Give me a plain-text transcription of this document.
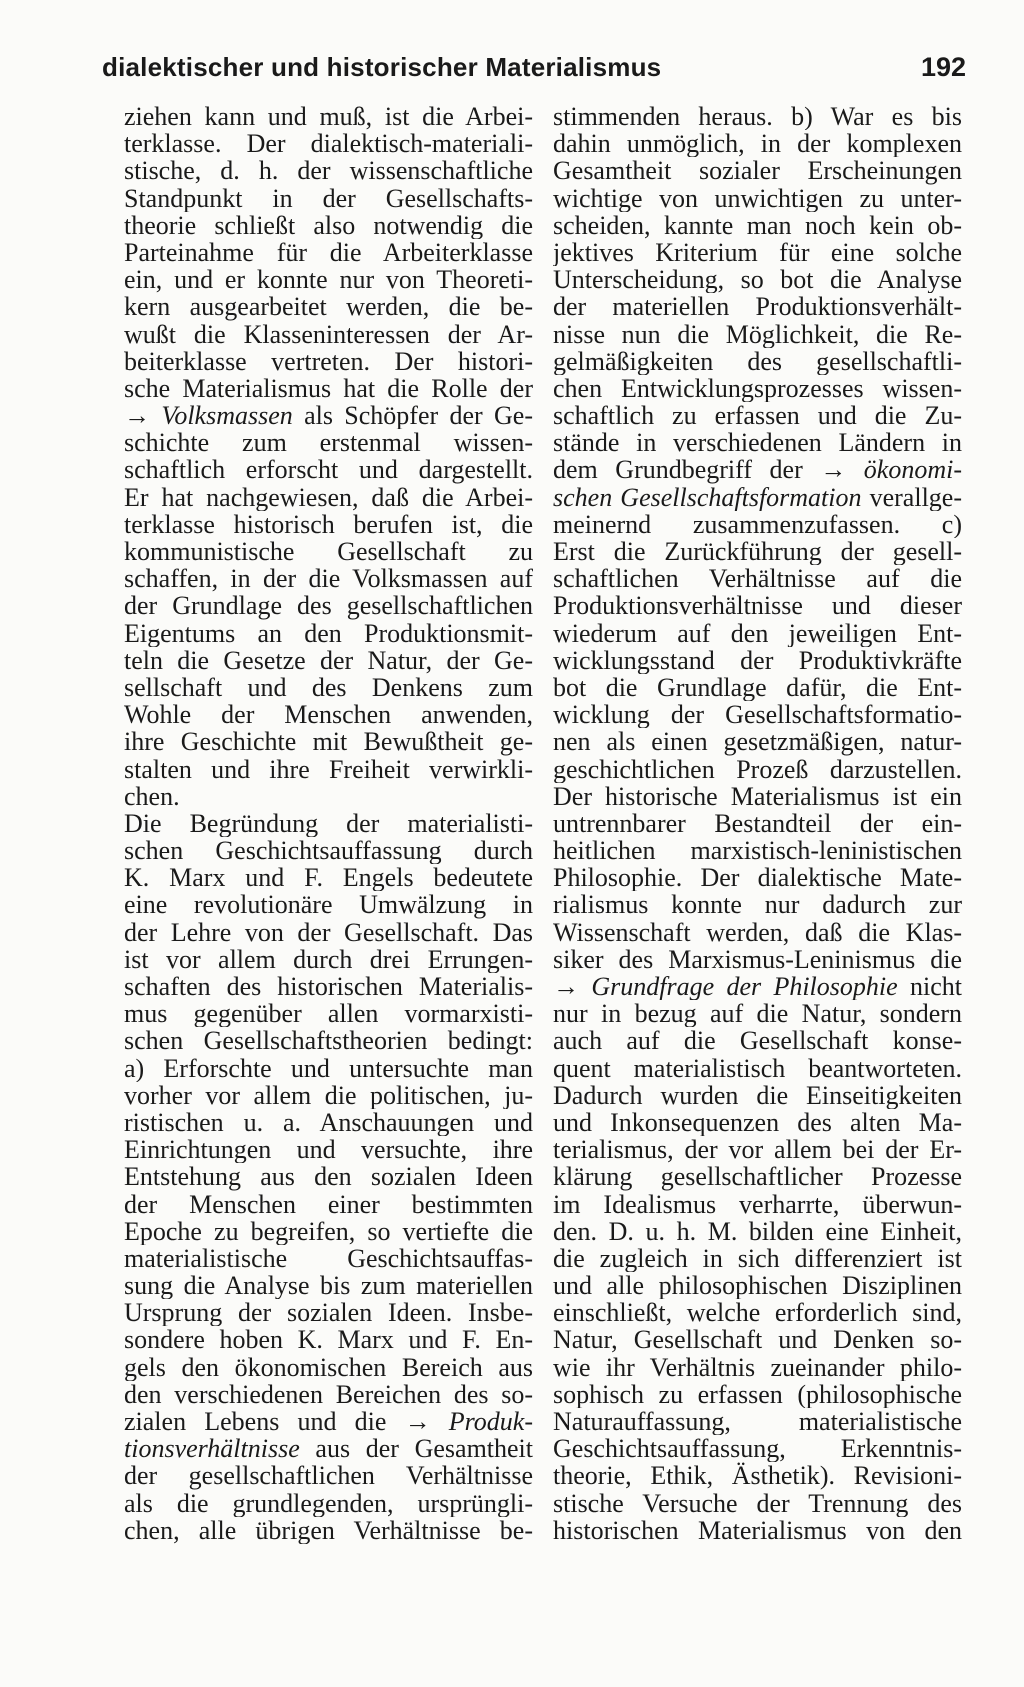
dialektischer und historischer Materialismus	192
ziehen kann und muß, ist die Arbei-
terklasse. Der dialektisch-materiali-
stische, d. h. der wissenschaftliche
Standpunkt in der Gesellschafts-
theorie schließt also notwendig die
Parteinahme für die Arbeiterklasse
ein, und er konnte nur von Theoreti-
kern ausgearbeitet werden, die be-
wußt die Klasseninteressen der Ar-
beiterklasse vertreten. Der histori-
sche Materialismus hat die Rolle der
→ Volksmassen als Schöpfer der Ge-
schichte zum erstenmal wissen-
schaftlich erforscht und dargestellt.
Er hat nachgewiesen, daß die Arbei-
terklasse historisch berufen ist, die
kommunistische Gesellschaft zu
schaffen, in der die Volksmassen auf
der Grundlage des gesellschaftlichen
Eigentums an den Produktionsmit-
teln die Gesetze der Natur, der Ge-
sellschaft und des Denkens zum
Wohle der Menschen anwenden,
ihre Geschichte mit Bewußtheit ge-
stalten und ihre Freiheit verwirkli-
chen.
Die Begründung der materialisti-
schen Geschichtsauffassung durch
K. Marx und F. Engels bedeutete
eine revolutionäre Umwälzung in
der Lehre von der Gesellschaft. Das
ist vor allem durch drei Errungen-
schaften des historischen Materialis-
mus gegenüber allen vormarxisti-
schen Gesellschaftstheorien bedingt:
a) Erforschte und untersuchte man
vorher vor allem die politischen, ju-
ristischen u. a. Anschauungen und
Einrichtungen und versuchte, ihre
Entstehung aus den sozialen Ideen
der Menschen einer bestimmten
Epoche zu begreifen, so vertiefte die
materialistische Geschichtsauffas-
sung die Analyse bis zum materiellen
Ursprung der sozialen Ideen. Insbe-
sondere hoben K. Marx und F. En-
gels den ökonomischen Bereich aus
den verschiedenen Bereichen des so-
zialen Lebens und die → Produk-
tionsverhältnisse aus der Gesamtheit
der gesellschaftlichen Verhältnisse
als die grundlegenden, ursprüngli-
chen, alle übrigen Verhältnisse be-
stimmenden heraus. b) War es bis
dahin unmöglich, in der komplexen
Gesamtheit sozialer Erscheinungen
wichtige von unwichtigen zu unter-
scheiden, kannte man noch kein ob-
jektives Kriterium für eine solche
Unterscheidung, so bot die Analyse
der materiellen Produktionsverhält-
nisse nun die Möglichkeit, die Re-
gelmäßigkeiten des gesellschaftli-
chen Entwicklungsprozesses wissen-
schaftlich zu erfassen und die Zu-
stände in verschiedenen Ländern in
dem Grundbegriff der → ökonomi-
schen Gesellschaftsformation verallge-
meinernd zusammenzufassen. c)
Erst die Zurückführung der gesell-
schaftlichen Verhältnisse auf die
Produktionsverhältnisse und dieser
wiederum auf den jeweiligen Ent-
wicklungsstand der Produktivkräfte
bot die Grundlage dafür, die Ent-
wicklung der Gesellschaftsformatio-
nen als einen gesetzmäßigen, natur-
geschichtlichen Prozeß darzustellen.
Der historische Materialismus ist ein
untrennbarer Bestandteil der ein-
heitlichen marxistisch-leninistischen
Philosophie. Der dialektische Mate-
rialismus konnte nur dadurch zur
Wissenschaft werden, daß die Klas-
siker des Marxismus-Leninismus die
→ Grundfrage der Philosophie nicht
nur in bezug auf die Natur, sondern
auch auf die Gesellschaft konse-
quent materialistisch beantworteten.
Dadurch wurden die Einseitigkeiten
und Inkonsequenzen des alten Ma-
terialismus, der vor allem bei der Er-
klärung gesellschaftlicher Prozesse
im Idealismus verharrte, überwun-
den. D. u. h. M. bilden eine Einheit,
die zugleich in sich differenziert ist
und alle philosophischen Disziplinen
einschließt, welche erforderlich sind,
Natur, Gesellschaft und Denken so-
wie ihr Verhältnis zueinander philo-
sophisch zu erfassen (philosophische
Naturauffassung, materialistische
Geschichtsauffassung, Erkenntnis-
theorie, Ethik, Ästhetik). Revisioni-
stische Versuche der Trennung des
historischen Materialismus von den
